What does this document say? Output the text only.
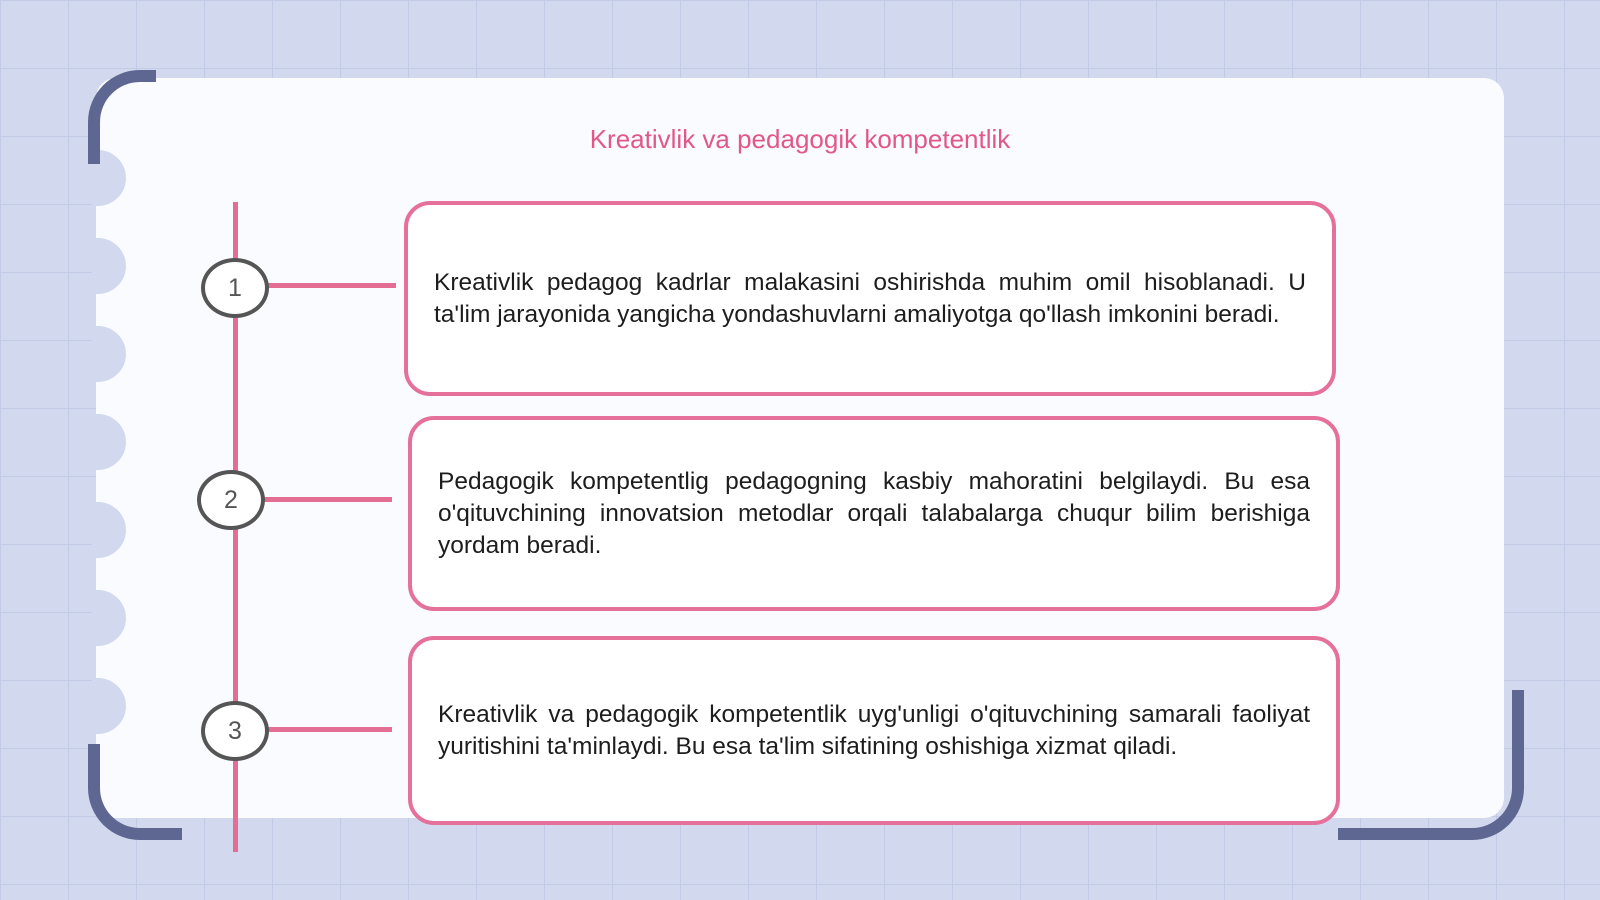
Kreativlik va pedagogik kompetentlik
1
2
3
Kreativlik pedagog kadrlar malakasini oshirishda muhim omil hisoblanadi. U ta'lim jarayonida yangicha yondashuvlarni amaliyotga qo'llash imkonini beradi.
Pedagogik kompetentlig pedagogning kasbiy mahoratini belgilaydi. Bu esa o'qituvchining innovatsion metodlar orqali talabalarga chuqur bilim berishiga yordam beradi.
Kreativlik va pedagogik kompetentlik uyg'unligi o'qituvchining samarali faoliyat yuritishini ta'minlaydi. Bu esa ta'lim sifatining oshishiga xizmat qiladi.
